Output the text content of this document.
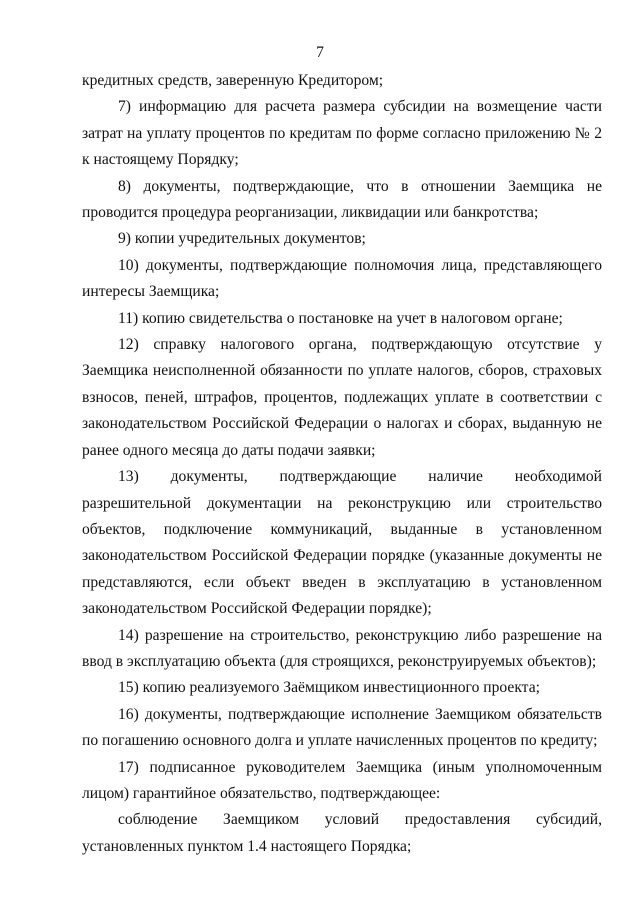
7

кредитных средств, заверенную Кредитором;

7) информацию для расчета размера субсидии на возмещение части затрат на уплату процентов по кредитам по форме согласно приложению № 2 к настоящему Порядку;

8) документы, подтверждающие, что в отношении Заемщика не проводится процедура реорганизации, ликвидации или банкротства;

9) копии учредительных документов;

10) документы, подтверждающие полномочия лица, представляющего интересы Заемщика;

11) копию свидетельства о постановке на учет в налоговом органе;

12) справку налогового органа, подтверждающую отсутствие у Заемщика неисполненной обязанности по уплате налогов, сборов, страховых взносов, пеней, штрафов, процентов, подлежащих уплате в соответствии с законодательством Российской Федерации о налогах и сборах, выданную не ранее одного месяца до даты подачи заявки;

13) документы, подтверждающие наличие необходимой разрешительной документации на реконструкцию или строительство объектов, подключение коммуникаций, выданные в установленном законодательством Российской Федерации порядке (указанные документы не представляются, если объект введен в эксплуатацию в установленном законодательством Российской Федерации порядке);

14) разрешение на строительство, реконструкцию либо разрешение на ввод в эксплуатацию объекта (для строящихся, реконструируемых объектов);

15) копию реализуемого Заёмщиком инвестиционного проекта;

16) документы, подтверждающие исполнение Заемщиком обязательств по погашению основного долга и уплате начисленных процентов по кредиту;

17) подписанное руководителем Заемщика (иным уполномоченным лицом) гарантийное обязательство, подтверждающее:

соблюдение Заемщиком условий предоставления субсидий, установленных пунктом 1.4 настоящего Порядка;
